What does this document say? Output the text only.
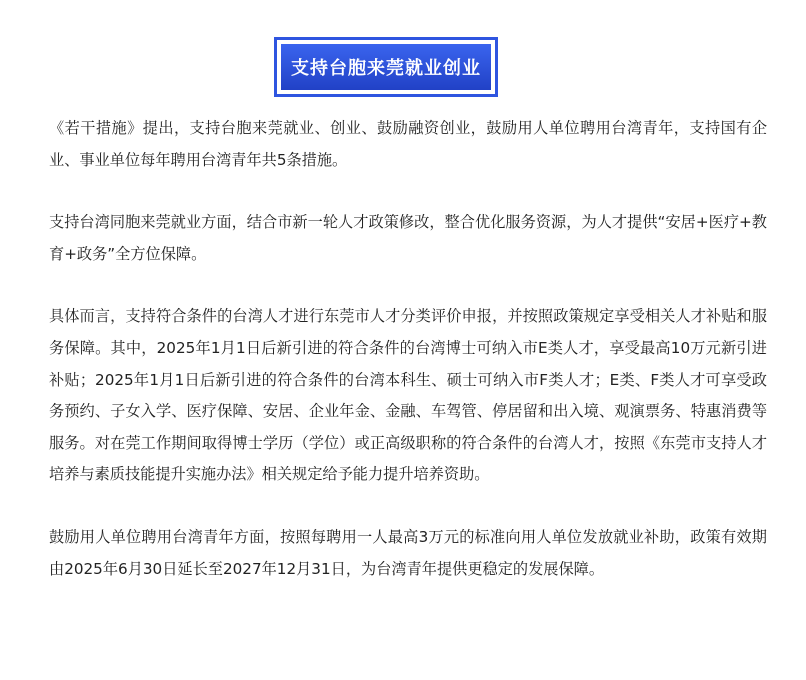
支持台胞来莞就业创业

《若干措施》提出，支持台胞来莞就业、创业、鼓励融资创业，鼓励用人单位聘用台湾青年，支持国有企业、事业单位每年聘用台湾青年共5条措施。

支持台湾同胞来莞就业方面，结合市新一轮人才政策修改，整合优化服务资源，为人才提供“安居+医疗+教育+政务”全方位保障。

具体而言，支持符合条件的台湾人才进行东莞市人才分类评价申报，并按照政策规定享受相关人才补贴和服务保障。其中，2025年1月1日后新引进的符合条件的台湾博士可纳入市E类人才，享受最高10万元新引进补贴；2025年1月1日后新引进的符合条件的台湾本科生、硕士可纳入市F类人才；E类、F类人才可享受政务预约、子女入学、医疗保障、安居、企业年金、金融、车驾管、停居留和出入境、观演票务、特惠消费等服务。对在莞工作期间取得博士学历（学位）或正高级职称的符合条件的台湾人才，按照《东莞市支持人才培养与素质技能提升实施办法》相关规定给予能力提升培养资助。

鼓励用人单位聘用台湾青年方面，按照每聘用一人最高3万元的标准向用人单位发放就业补助，政策有效期由2025年6月30日延长至2027年12月31日，为台湾青年提供更稳定的发展保障。
